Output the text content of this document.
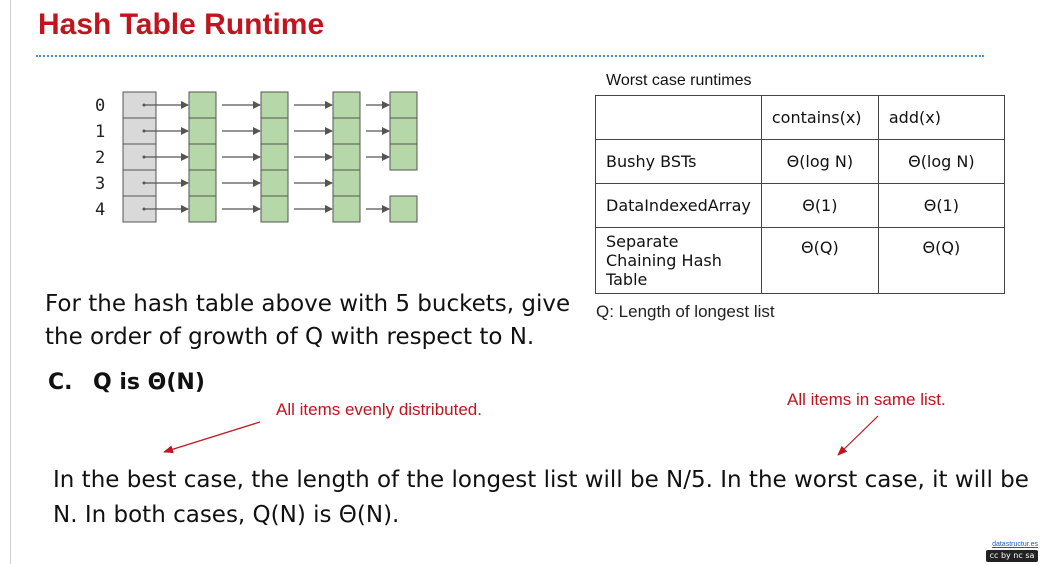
Hash Table Runtime
0
1
2
3
4
Worst case runtimes
	contains(x)	add(x)
Bushy BSTs	Θ(log N)	Θ(log N)
DataIndexedArray	Θ(1)	Θ(1)
Separate Chaining Hash Table	Θ(Q)	Θ(Q)
Q: Length of longest list
For the hash table above with 5 buckets, give the order of growth of Q with respect to N.
C. Q is Θ(N)
All items evenly distributed.
All items in same list.
In the best case, the length of the longest list will be N/5. In the worst case, it will be N. In both cases, Q(N) is Θ(N).
datastructur.es
cc by nc sa
